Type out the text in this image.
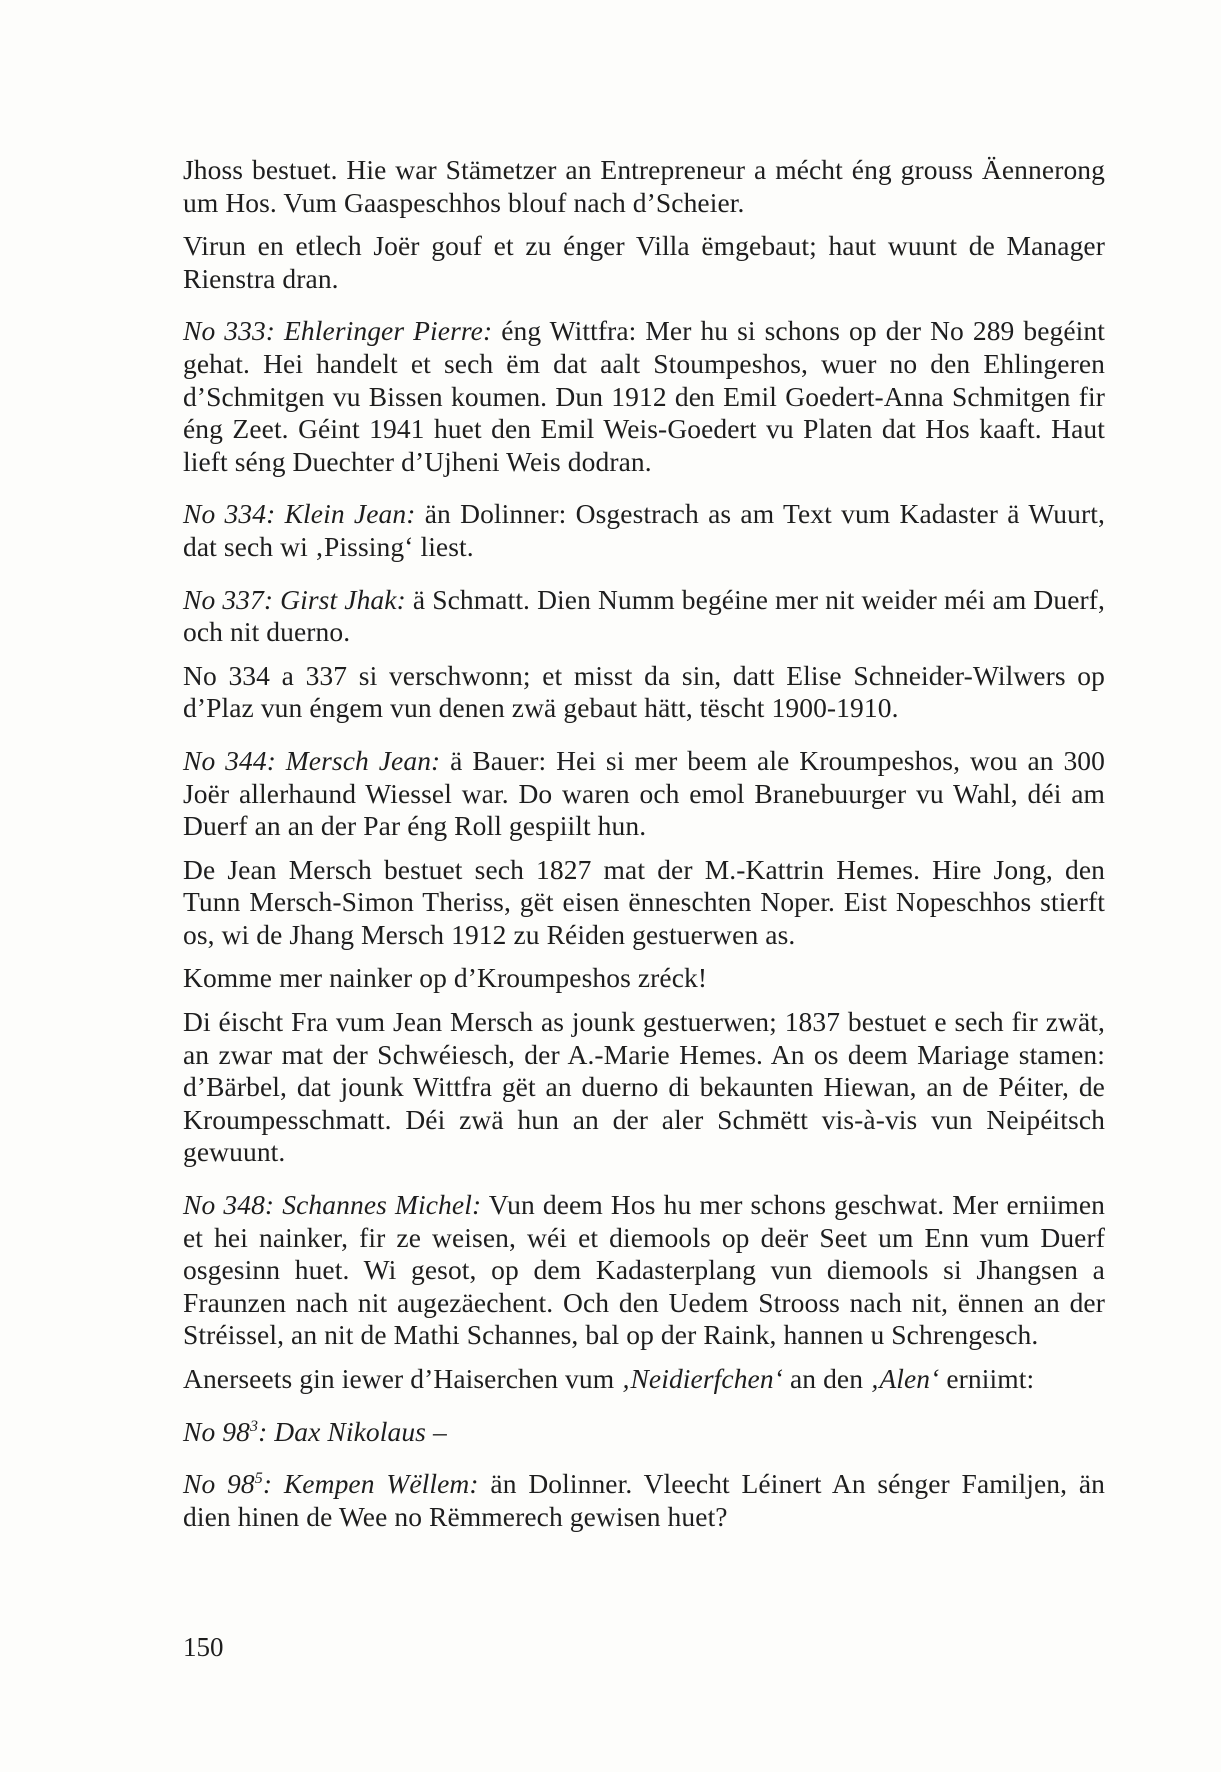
Jhoss bestuet. Hie war Stämetzer an Entrepreneur a mécht éng grouss Äennerong um Hos. Vum Gaaspeschhos blouf nach d’Scheier.

Virun en etlech Joër gouf et zu énger Villa ëmgebaut; haut wuunt de Manager Rienstra dran.

No 333: Ehleringer Pierre: éng Wittfra: Mer hu si schons op der No 289 begéint gehat. Hei handelt et sech ëm dat aalt Stoumpeshos, wuer no den Ehlingeren d’Schmitgen vu Bissen koumen. Dun 1912 den Emil Goedert-Anna Schmitgen fir éng Zeet. Géint 1941 huet den Emil Weis-Goedert vu Platen dat Hos kaaft. Haut lieft séng Duechter d’Ujheni Weis dodran.

No 334: Klein Jean: än Dolinner: Osgestrach as am Text vum Kadaster ä Wuurt, dat sech wi ‚Pissing‘ liest.

No 337: Girst Jhak: ä Schmatt. Dien Numm begéine mer nit weider méi am Duerf, och nit duerno.

No 334 a 337 si verschwonn; et misst da sin, datt Elise Schneider-Wilwers op d’Plaz vun éngem vun denen zwä gebaut hätt, tëscht 1900-1910.

No 344: Mersch Jean: ä Bauer: Hei si mer beem ale Kroumpeshos, wou an 300 Joër allerhaund Wiessel war. Do waren och emol Branebuurger vu Wahl, déi am Duerf an an der Par éng Roll gespiilt hun.

De Jean Mersch bestuet sech 1827 mat der M.-Kattrin Hemes. Hire Jong, den Tunn Mersch-Simon Theriss, gët eisen ënneschten Noper. Eist Nopeschhos stierft os, wi de Jhang Mersch 1912 zu Réiden gestuerwen as.

Komme mer nainker op d’Kroumpeshos zréck!

Di éischt Fra vum Jean Mersch as jounk gestuerwen; 1837 bestuet e sech fir zwät, an zwar mat der Schwéiesch, der A.-Marie Hemes. An os deem Mariage stamen: d’Bärbel, dat jounk Wittfra gët an duerno di bekaunten Hiewan, an de Péiter, de Kroumpesschmatt. Déi zwä hun an der aler Schmëtt vis-à-vis vun Neipéitsch gewuunt.

No 348: Schannes Michel: Vun deem Hos hu mer schons geschwat. Mer erniimen et hei nainker, fir ze weisen, wéi et diemools op deër Seet um Enn vum Duerf osgesinn huet. Wi gesot, op dem Kadasterplang vun diemools si Jhangsen a Fraunzen nach nit augezäechent. Och den Uedem Strooss nach nit, ënnen an der Stréissel, an nit de Mathi Schannes, bal op der Raink, hannen u Schrengesch.

Anerseets gin iewer d’Haiserchen vum ‚Neidierfchen‘ an den ‚Alen‘ erniimt:

No $98^3$: Dax Nikolaus –

No $98^5$: Kempen Wëllem: än Dolinner. Vleecht Léinert An sénger Familjen, än dien hinen de Wee no Rëmmerech gewisen huet?

150
